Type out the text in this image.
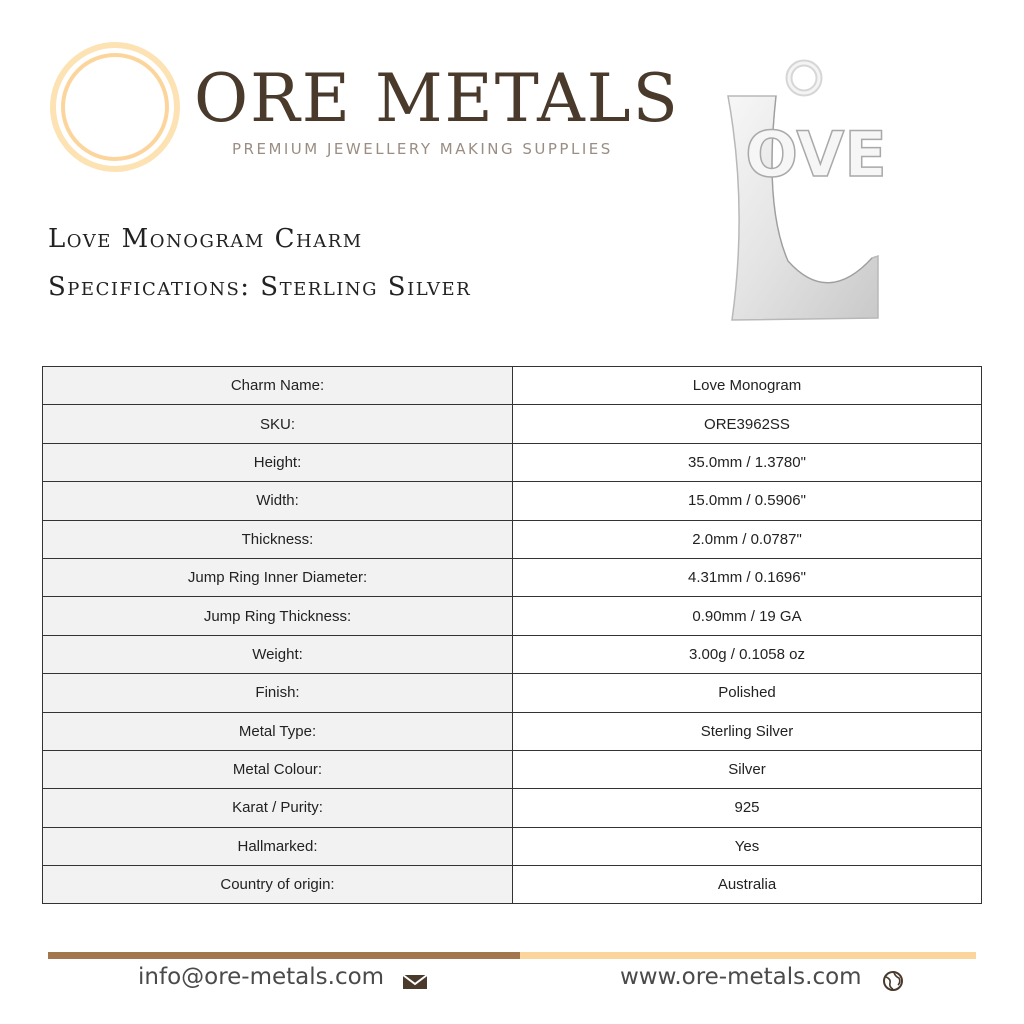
ORE METALS
PREMIUM JEWELLERY MAKING SUPPLIES
Love Monogram Charm
Specifications: Sterling Silver
OVE
Charm Name:	Love Monogram
SKU:	ORE3962SS
Height:	35.0mm / 1.3780"
Width:	15.0mm / 0.5906"
Thickness:	2.0mm / 0.0787"
Jump Ring Inner Diameter:	4.31mm / 0.1696"
Jump Ring Thickness:	0.90mm / 19 GA
Weight:	3.00g / 0.1058 oz
Finish:	Polished
Metal Type:	Sterling Silver
Metal Colour:	Silver
Karat / Purity:	925
Hallmarked:	Yes
Country of origin:	Australia
info@ore-metals.com	www.ore-metals.com
